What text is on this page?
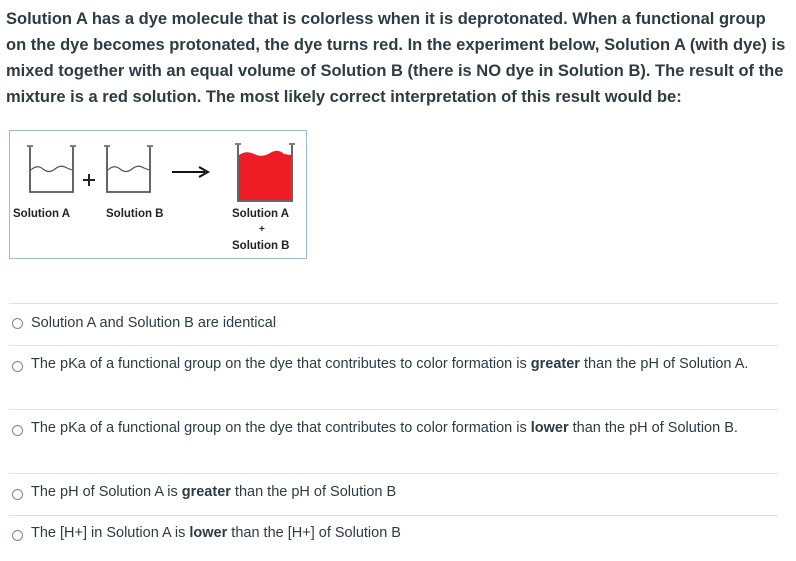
Solution A has a dye molecule that is colorless when it is deprotonated. When a functional group on the dye becomes protonated, the dye turns red. In the experiment below, Solution A (with dye) is mixed together with an equal volume of Solution B (there is NO dye in Solution B). The result of the mixture is a red solution. The most likely correct interpretation of this result would be:

Solution A	Solution B	Solution A
+
Solution B
Solution A and Solution B are identical
The pKa of a functional group on the dye that contributes to color formation is greater than the pH of Solution A.
The pKa of a functional group on the dye that contributes to color formation is lower than the pH of Solution B.
The pH of Solution A is greater than the pH of Solution B
The [H+] in Solution A is lower than the [H+] of Solution B
